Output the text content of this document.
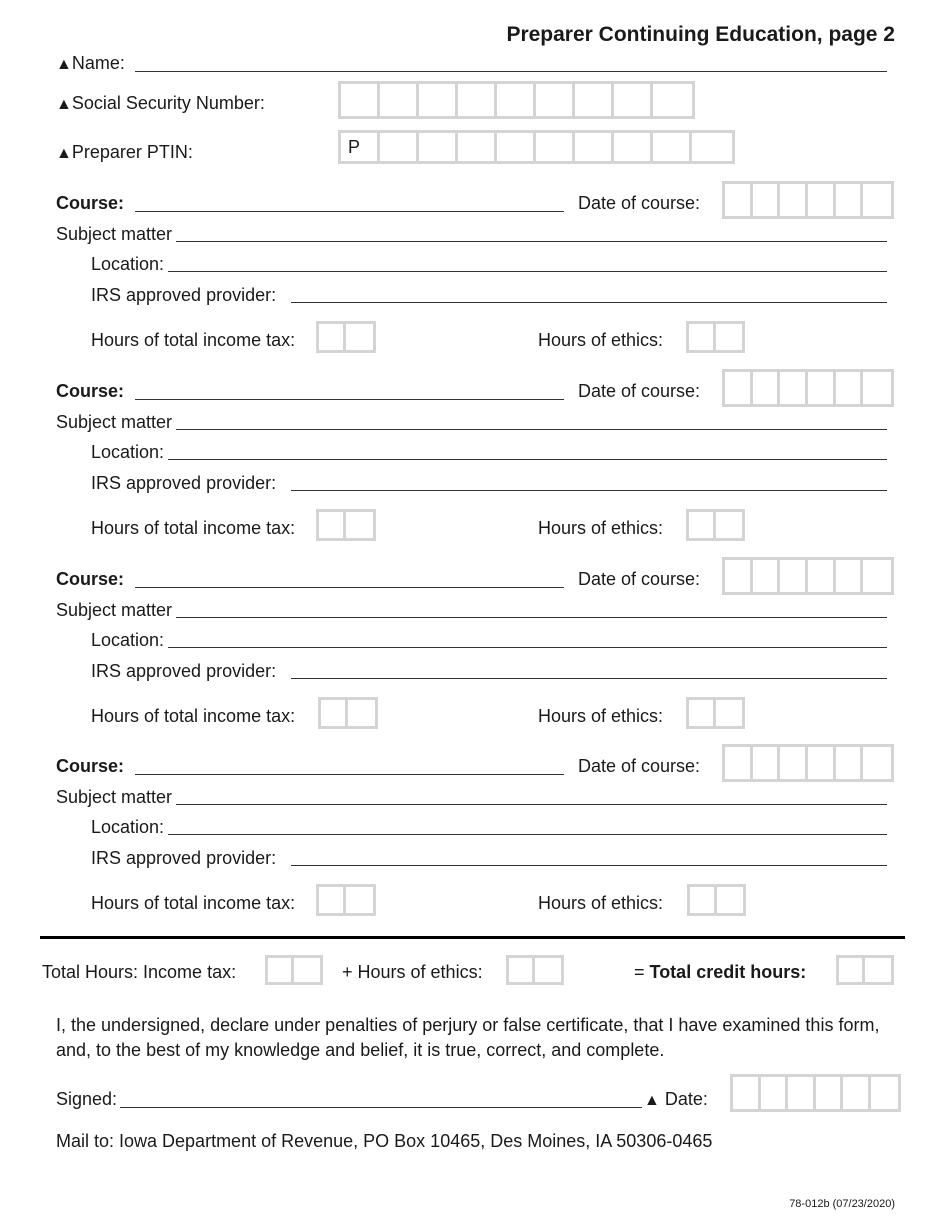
Preparer Continuing Education, page 2
▲Name:
▲Social Security Number:
▲Preparer PTIN:	P
Course:	Date of course:
Subject matter
Location:
IRS approved provider:
Hours of total income tax:	Hours of ethics:
Course:	Date of course:
Subject matter
Location:
IRS approved provider:
Hours of total income tax:	Hours of ethics:
Course:	Date of course:
Subject matter
Location:
IRS approved provider:
Hours of total income tax:	Hours of ethics:
Course:	Date of course:
Subject matter
Location:
IRS approved provider:
Hours of total income tax:	Hours of ethics:
Total Hours: Income tax:	+ Hours of ethics:	= Total credit hours:
I, the undersigned, declare under penalties of perjury or false certificate, that I have examined this form, and, to the best of my knowledge and belief, it is true, correct, and complete.
Signed:	▲ Date:
Mail to: Iowa Department of Revenue, PO Box 10465, Des Moines, IA 50306-0465
78-012b (07/23/2020)
